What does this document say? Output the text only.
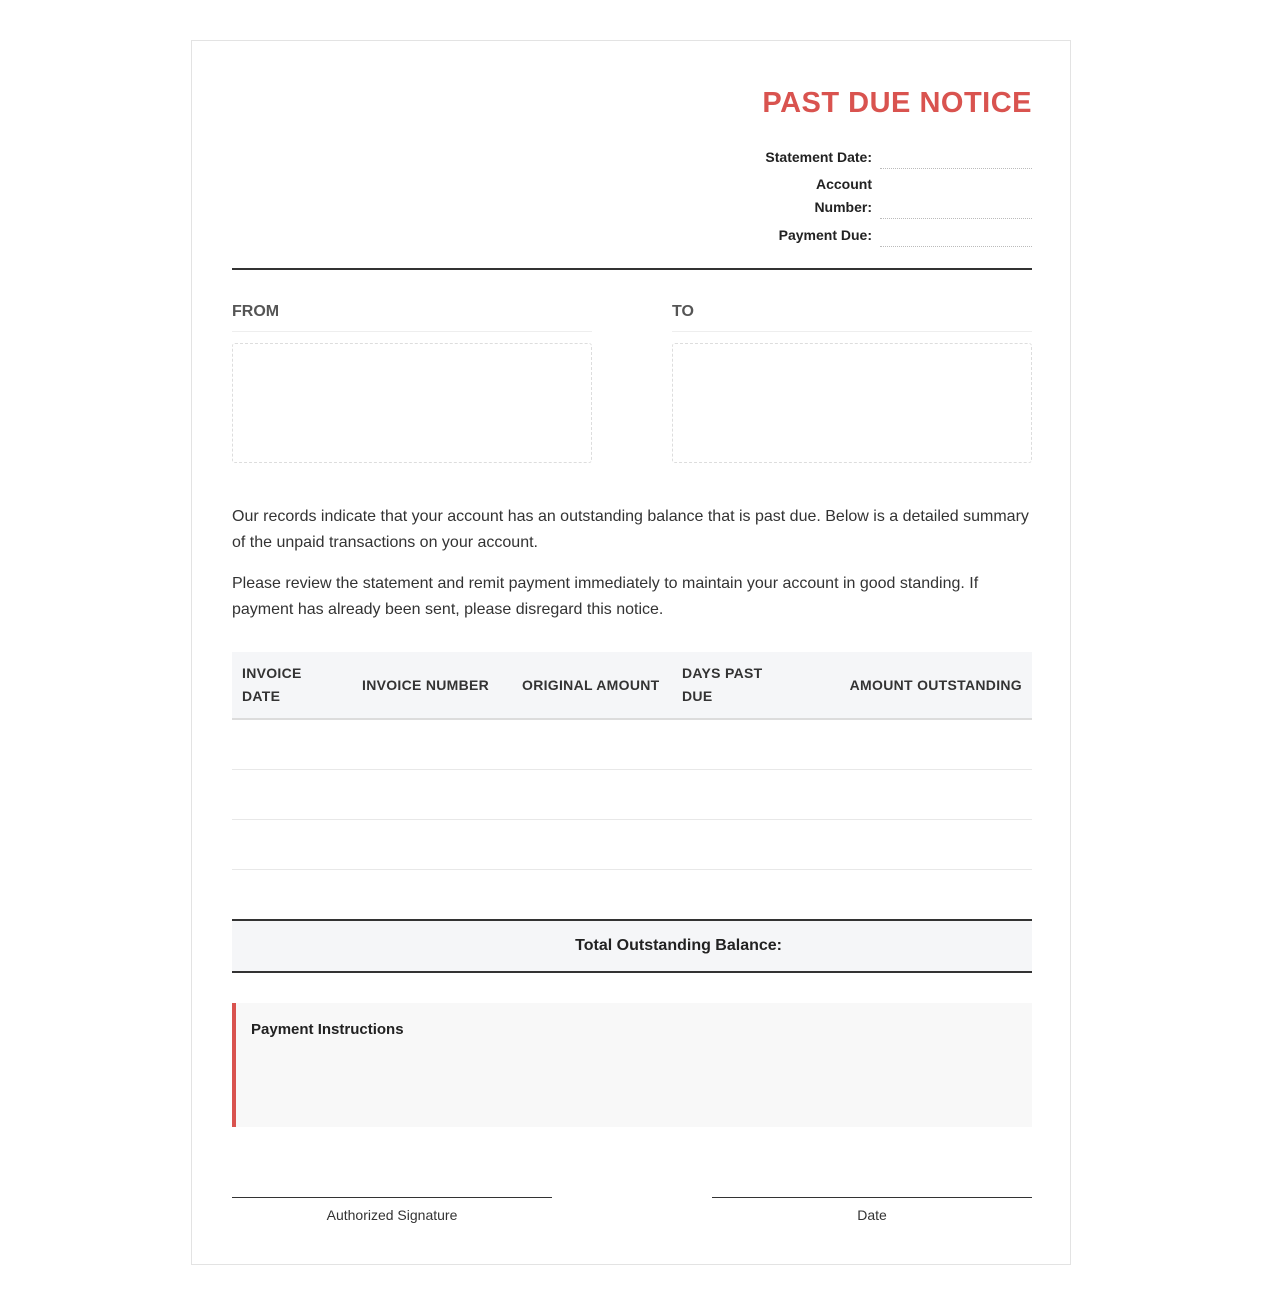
PAST DUE NOTICE
Statement Date:
Account Number:
Payment Due:
FROM	TO

Our records indicate that your account has an outstanding balance that is past due. Below is a detailed summary of the unpaid transactions on your account.

Please review the statement and remit payment immediately to maintain your account in good standing. If payment has already been sent, please disregard this notice.

INVOICE DATE	INVOICE NUMBER	ORIGINAL AMOUNT	DAYS PAST DUE	AMOUNT OUTSTANDING

Total Outstanding Balance:
Payment Instructions
Authorized Signature	Date
